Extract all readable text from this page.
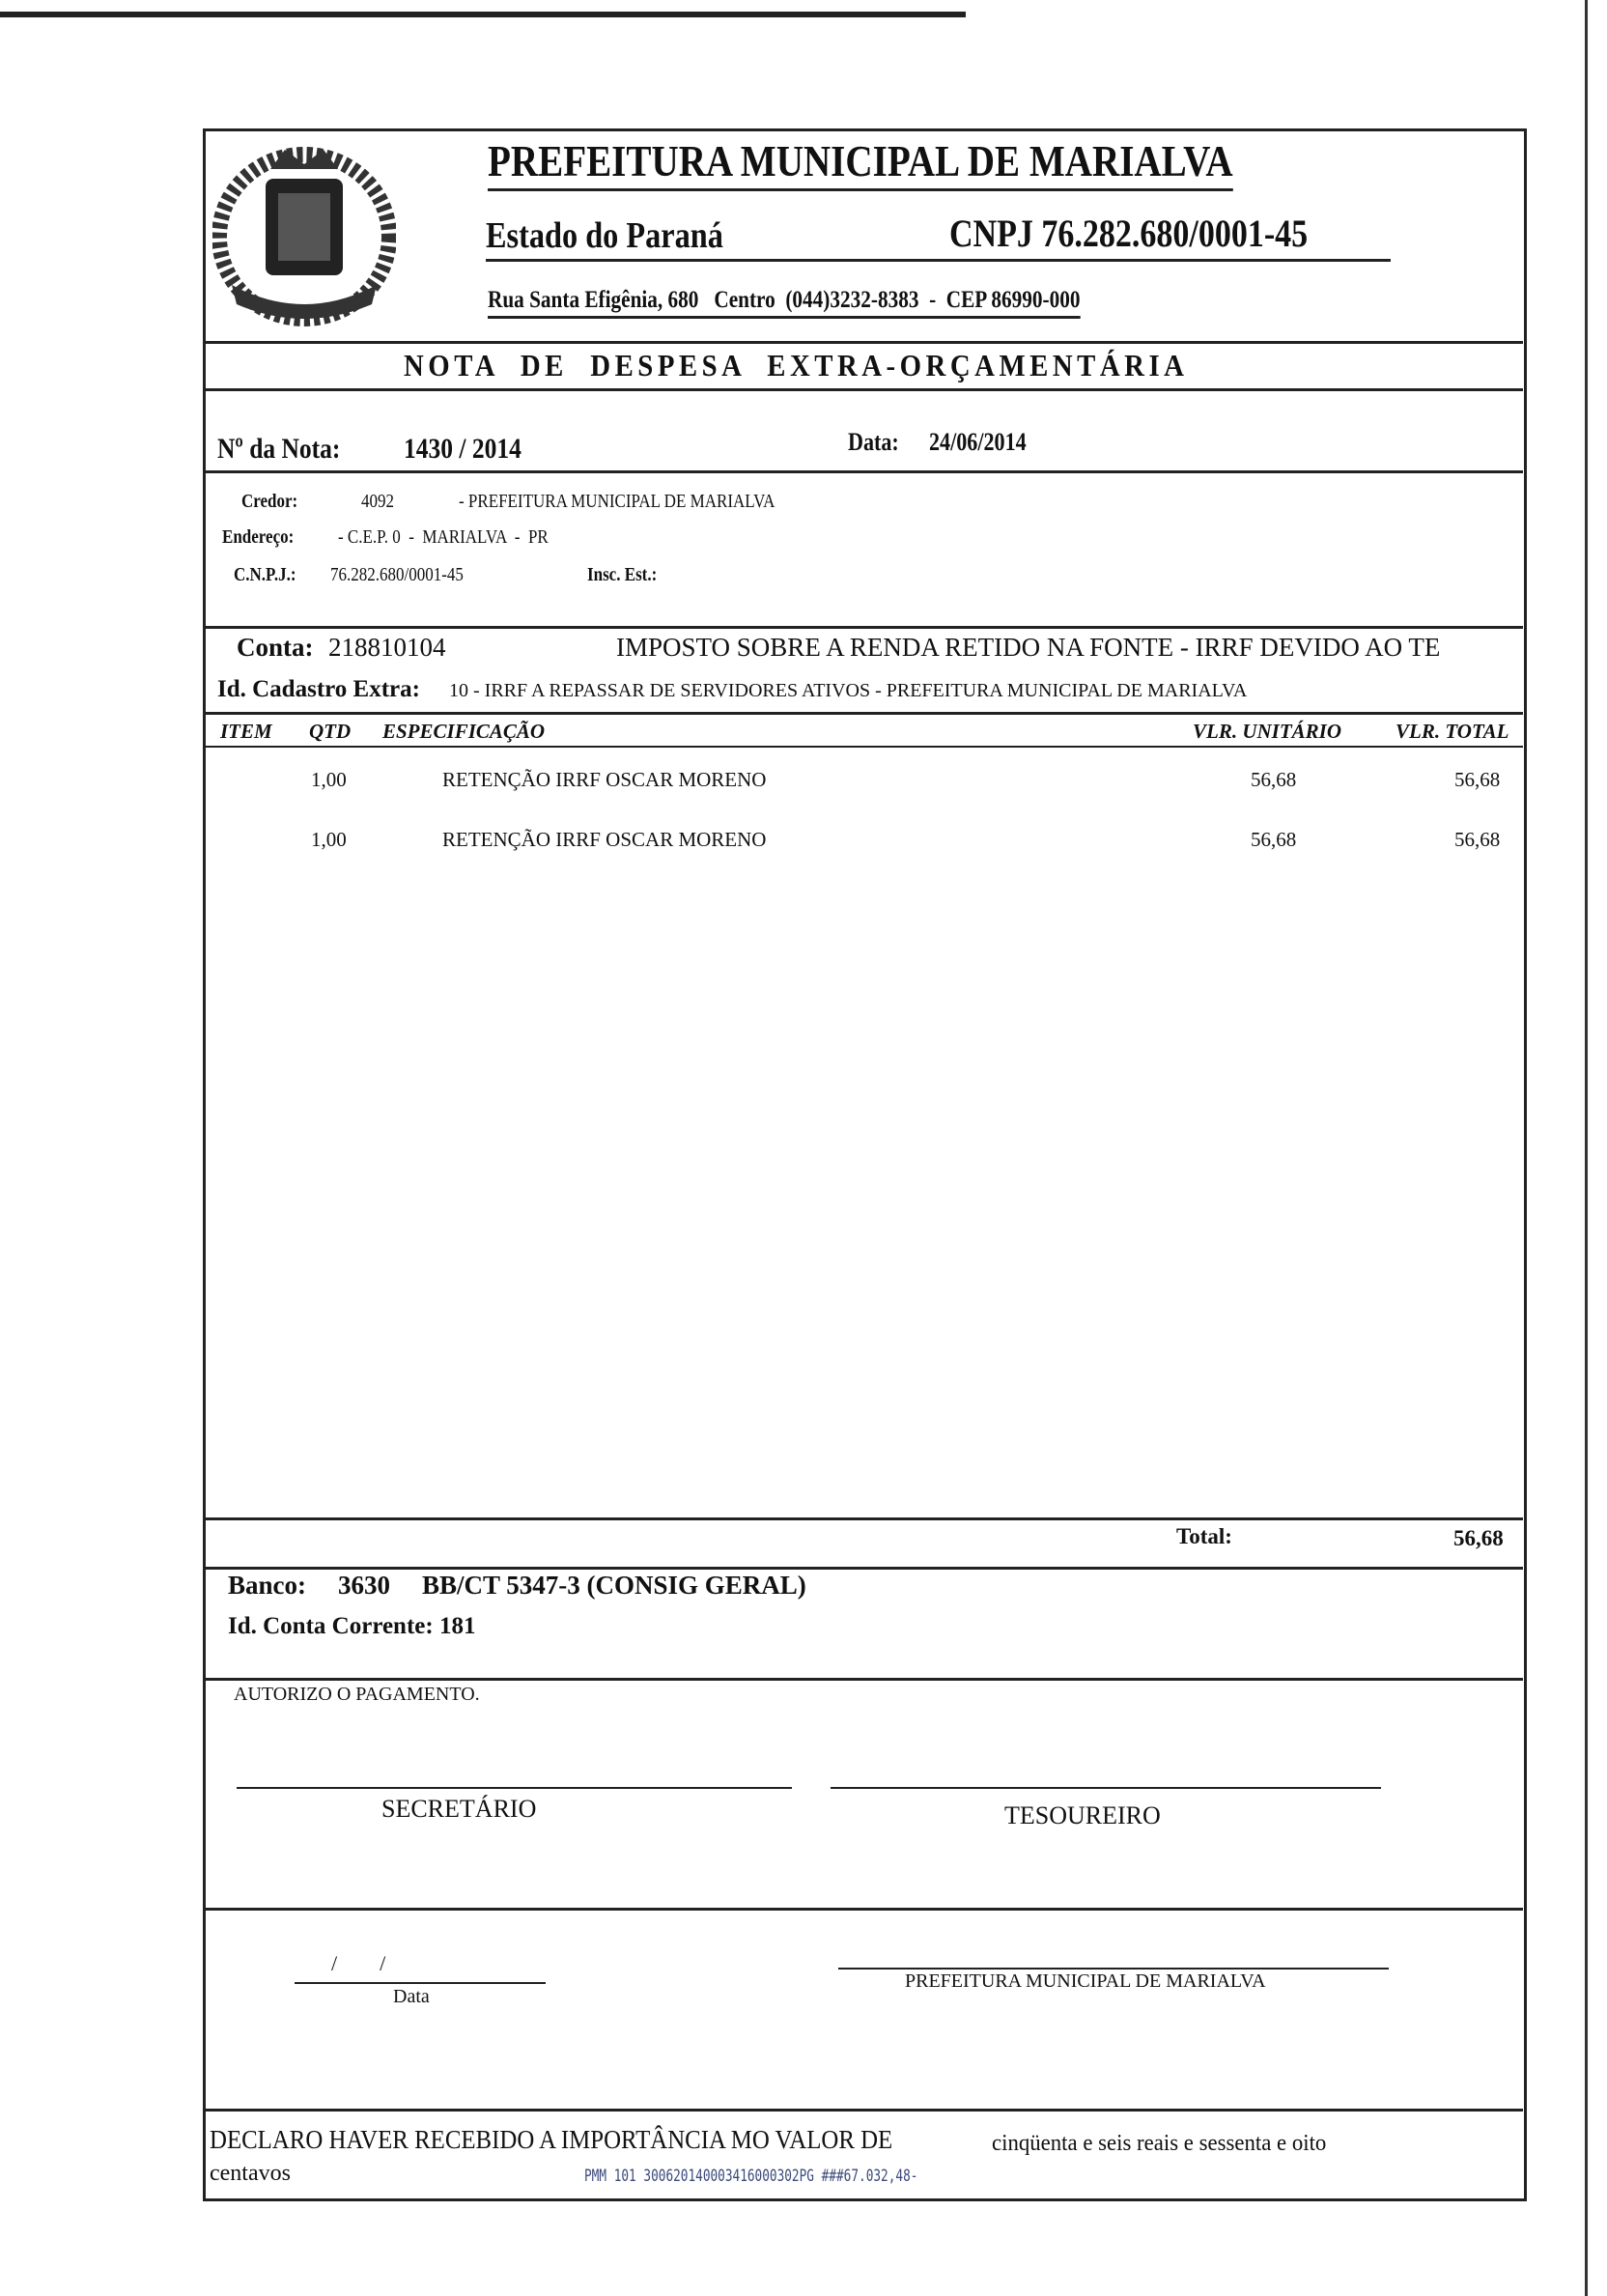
PREFEITURA MUNICIPAL DE MARIALVA
Estado do Paraná	CNPJ 76.282.680/0001-45
Rua Santa Efigênia, 680   Centro  (044)3232-8383  -  CEP 86990-000
NOTA  DE  DESPESA  EXTRA-ORÇAMENTÁRIA
Nº da Nota:	1430 / 2014	Data:	24/06/2014
Credor:	4092	- PREFEITURA MUNICIPAL DE MARIALVA
Endereço:	- C.E.P. 0  -  MARIALVA  -  PR
C.N.P.J.:	76.282.680/0001-45	Insc. Est.:
Conta: 218810104	IMPOSTO SOBRE A RENDA RETIDO NA FONTE - IRRF DEVIDO AO TE
Id. Cadastro Extra: 10 - IRRF A REPASSAR DE SERVIDORES ATIVOS - PREFEITURA MUNICIPAL DE MARIALVA
ITEM QTD ESPECIFICAÇÃO	VLR. UNITÁRIO	VLR. TOTAL
1,00	RETENÇÃO IRRF OSCAR MORENO	56,68	56,68
1,00	RETENÇÃO IRRF OSCAR MORENO	56,68	56,68
Total:	56,68
Banco: 3630 BB/CT 5347-3 (CONSIG GERAL)
Id. Conta Corrente: 181
AUTORIZO O PAGAMENTO.
SECRETÁRIO	TESOUREIRO
/        /
Data
PREFEITURA MUNICIPAL DE MARIALVA
DECLARO HAVER RECEBIDO A IMPORTÂNCIA MO VALOR DE	cinqüenta e seis reais e sessenta e oito
centavos	PMM 101 300620140003416000302PG ###67.032,48-
